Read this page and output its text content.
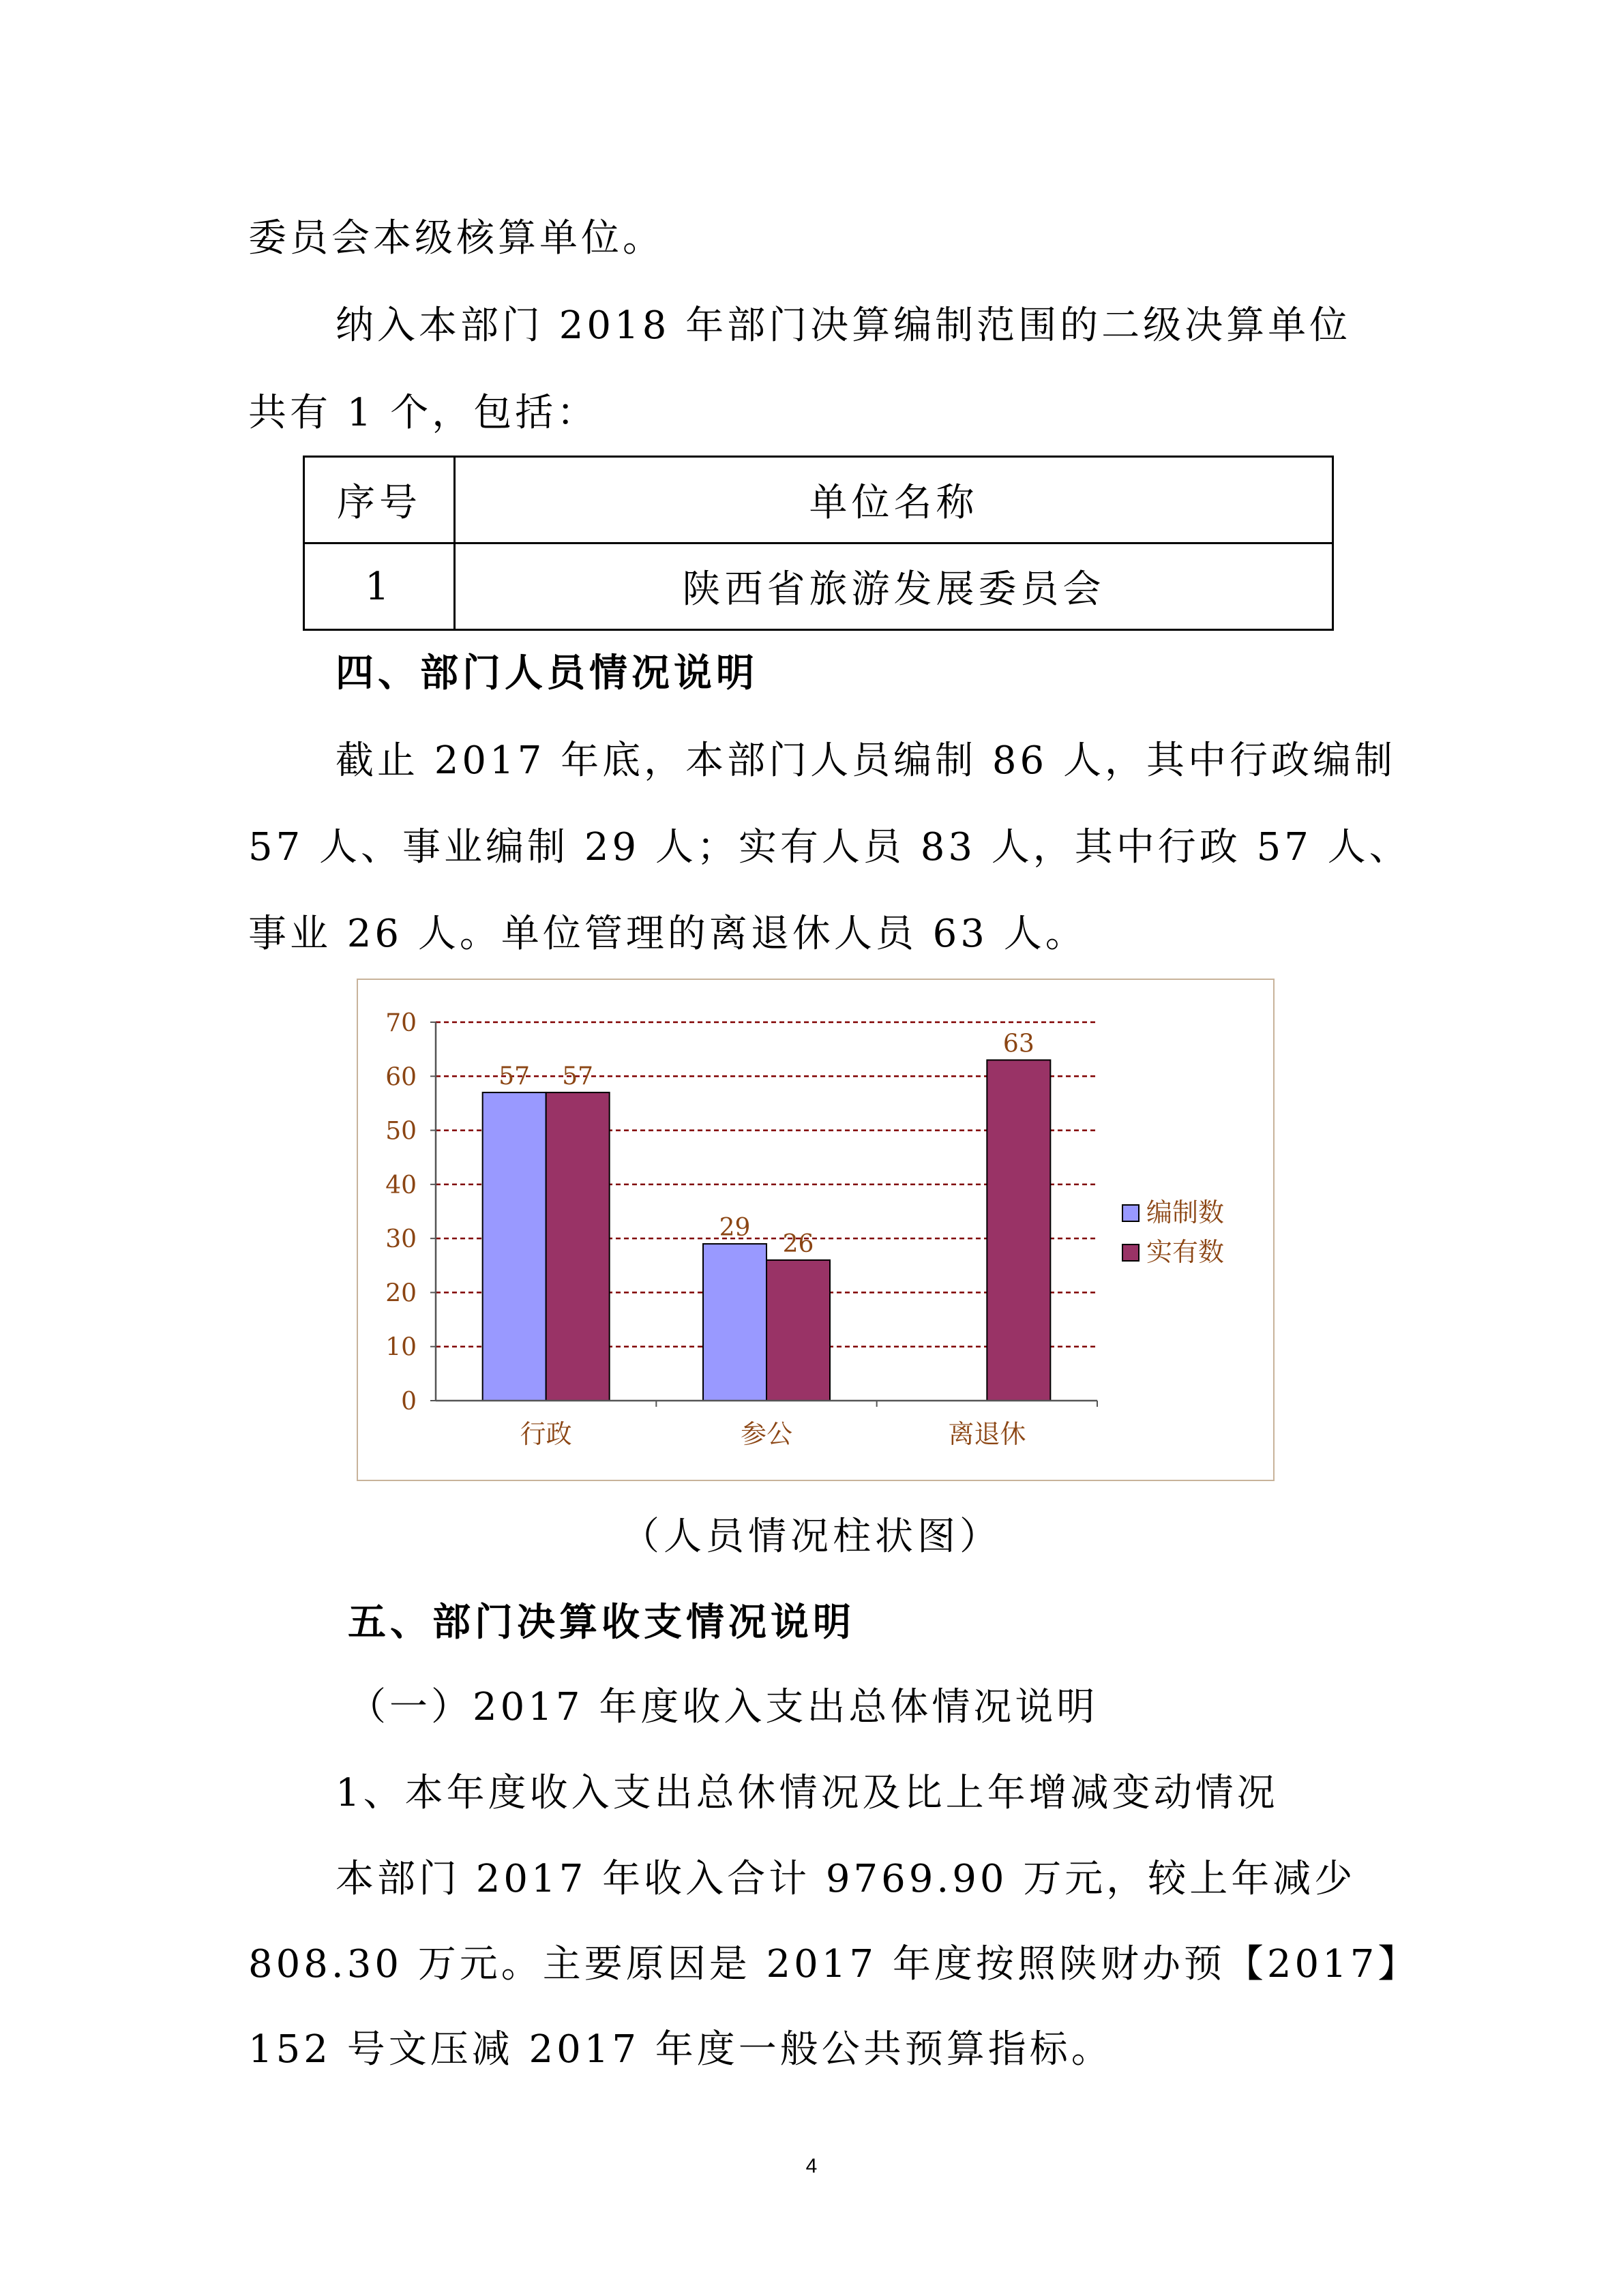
委员会本级核算单位。
纳入本部门 2018 年部门决算编制范围的二级决算单位
共有 1 个，包括：
序号	单位名称
1	陕西省旅游发展委员会
四、部门人员情况说明
截止 2017 年底，本部门人员编制 86 人，其中行政编制
57 人、事业编制 29 人；实有人员 83 人，其中行政 57 人、
事业 26 人。单位管理的离退休人员 63 人。
0
10
20
30
40
50
60
70
行政
57 57
参公
29
26
离退休
63
编制数
实有数
（人员情况柱状图）
五、部门决算收支情况说明
（一）2017 年度收入支出总体情况说明
1、本年度收入支出总休情况及比上年增减变动情况
本部门 2017 年收入合计 9769.90 万元，较上年减少
808.30 万元。主要原因是 2017 年度按照陕财办预【2017】
152 号文压减 2017 年度一般公共预算指标。
4
